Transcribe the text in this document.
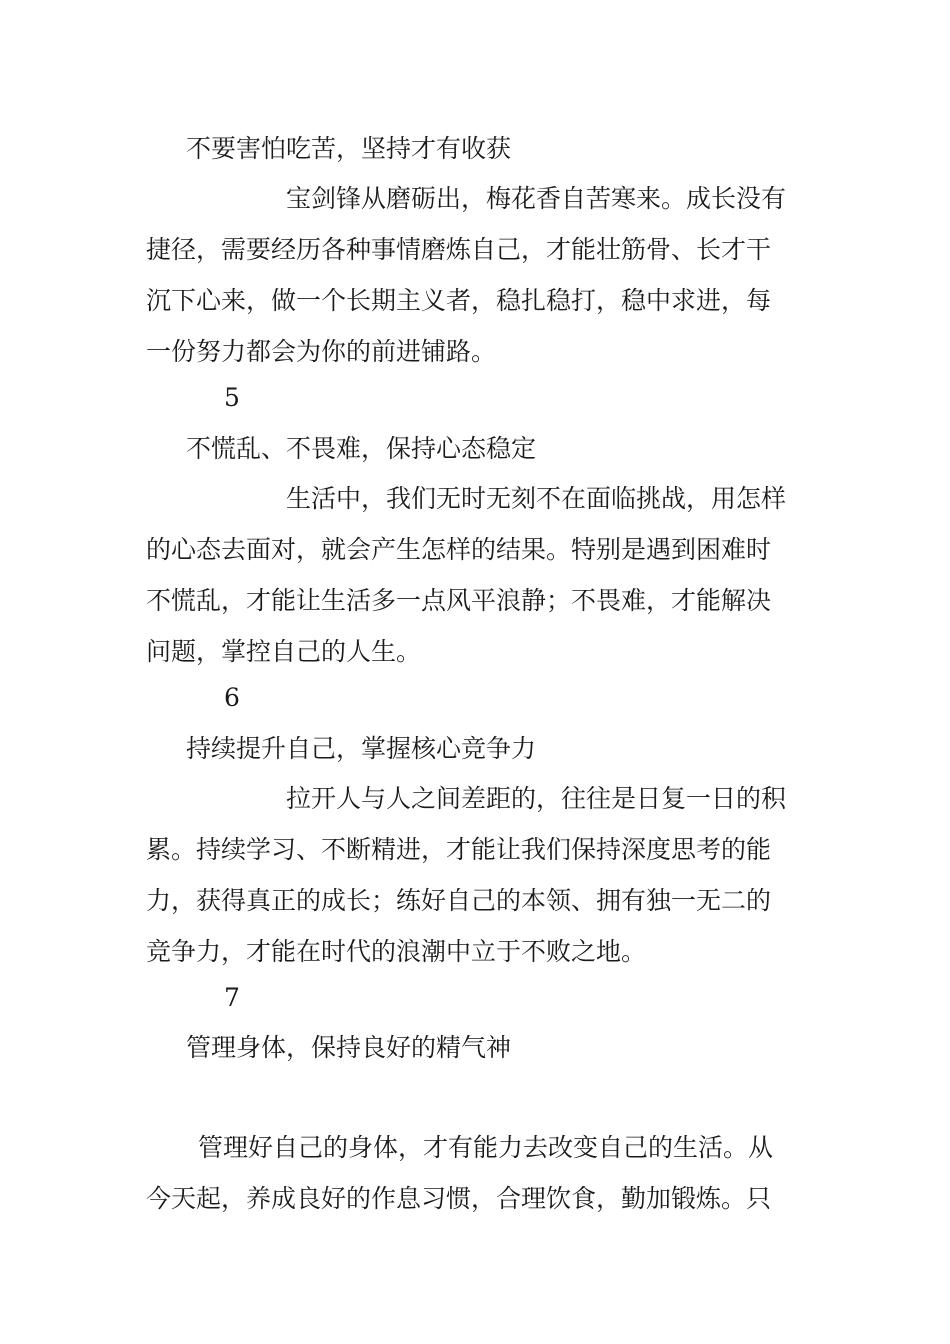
不要害怕吃苦，坚持才有收获
宝剑锋从磨砺出，梅花香自苦寒来。成长没有
捷径，需要经历各种事情磨炼自己，才能壮筋骨、长才干
沉下心来，做一个长期主义者，稳扎稳打，稳中求进，每
一份努力都会为你的前进铺路。
5
不慌乱、不畏难，保持心态稳定
生活中，我们无时无刻不在面临挑战，用怎样
的心态去面对，就会产生怎样的结果。特别是遇到困难时
不慌乱，才能让生活多一点风平浪静；不畏难，才能解决
问题，掌控自己的人生。
6
持续提升自己，掌握核心竞争力
拉开人与人之间差距的，往往是日复一日的积
累。持续学习、不断精进，才能让我们保持深度思考的能
力，获得真正的成长；练好自己的本领、拥有独一无二的
竞争力，才能在时代的浪潮中立于不败之地。
7
管理身体，保持良好的精气神
管理好自己的身体，才有能力去改变自己的生活。从
今天起，养成良好的作息习惯，合理饮食，勤加锻炼。只
